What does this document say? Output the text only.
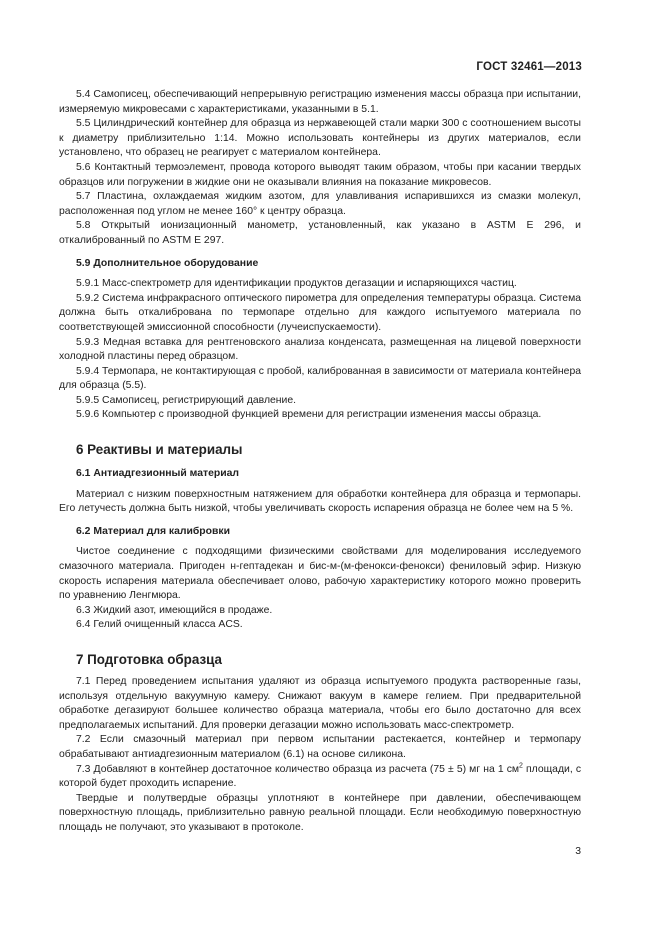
ГОСТ 32461—2013

5.4 Самописец, обеспечивающий непрерывную регистрацию изменения массы образца при испытании, измеряемую микровесами с характеристиками, указанными в 5.1.

5.5 Цилиндрический контейнер для образца из нержавеющей стали марки 300 с соотношением высоты к диаметру приблизительно 1:14. Можно использовать контейнеры из других материалов, если установлено, что образец не реагирует с материалом контейнера.

5.6 Контактный термоэлемент, провода которого выводят таким образом, чтобы при касании твердых образцов или погружении в жидкие они не оказывали влияния на показание микровесов.

5.7 Пластина, охлаждаемая жидким азотом, для улавливания испарившихся из смазки молекул, расположенная под углом не менее 160° к центру образца.

5.8 Открытый ионизационный манометр, установленный, как указано в ASTM E 296, и откалиброванный по ASTM E 297.

5.9 Дополнительное оборудование

5.9.1 Масс-спектрометр для идентификации продуктов дегазации и испаряющихся частиц.

5.9.2 Система инфракрасного оптического пирометра для определения температуры образца. Система должна быть откалибрована по термопаре отдельно для каждого испытуемого материала по соответствующей эмиссионной способности (лучеиспускаемости).

5.9.3 Медная вставка для рентгеновского анализа конденсата, размещенная на лицевой поверхности холодной пластины перед образцом.

5.9.4 Термопара, не контактирующая с пробой, калиброванная в зависимости от материала контейнера для образца (5.5).

5.9.5 Самописец, регистрирующий давление.

5.9.6 Компьютер с производной функцией времени для регистрации изменения массы образца.

6 Реактивы и материалы
6.1 Антиадгезионный материал

Материал с низким поверхностным натяжением для обработки контейнера для образца и термопары. Его летучесть должна быть низкой, чтобы увеличивать скорость испарения образца не более чем на 5 %.

6.2 Материал для калибровки

Чистое соединение с подходящими физическими свойствами для моделирования исследуемого смазочного материала. Пригоден н-гептадекан и бис-м-(м-фенокси-фенокси) фениловый эфир. Низкую скорость испарения материала обеспечивает олово, рабочую характеристику которого можно проверить по уравнению Ленгмюра.

6.3 Жидкий азот, имеющийся в продаже.

6.4 Гелий очищенный класса ACS.

7 Подготовка образца

7.1 Перед проведением испытания удаляют из образца испытуемого продукта растворенные газы, используя отдельную вакуумную камеру. Снижают вакуум в камере гелием. При предварительной обработке дегазируют большее количество образца материала, чтобы его было достаточно для всех предполагаемых испытаний. Для проверки дегазации можно использовать масс-спектрометр.

7.2 Если смазочный материал при первом испытании растекается, контейнер и термопару обрабатывают антиадгезионным материалом (6.1) на основе силикона.

7.3 Добавляют в контейнер достаточное количество образца из расчета (75 ± 5) мг на 1 $см^2$ площади, с которой будет проходить испарение.

Твердые и полутвердые образцы уплотняют в контейнере при давлении, обеспечивающем поверхностную площадь, приблизительно равную реальной площади. Если необходимую поверхностную площадь не получают, это указывают в протоколе.

3
